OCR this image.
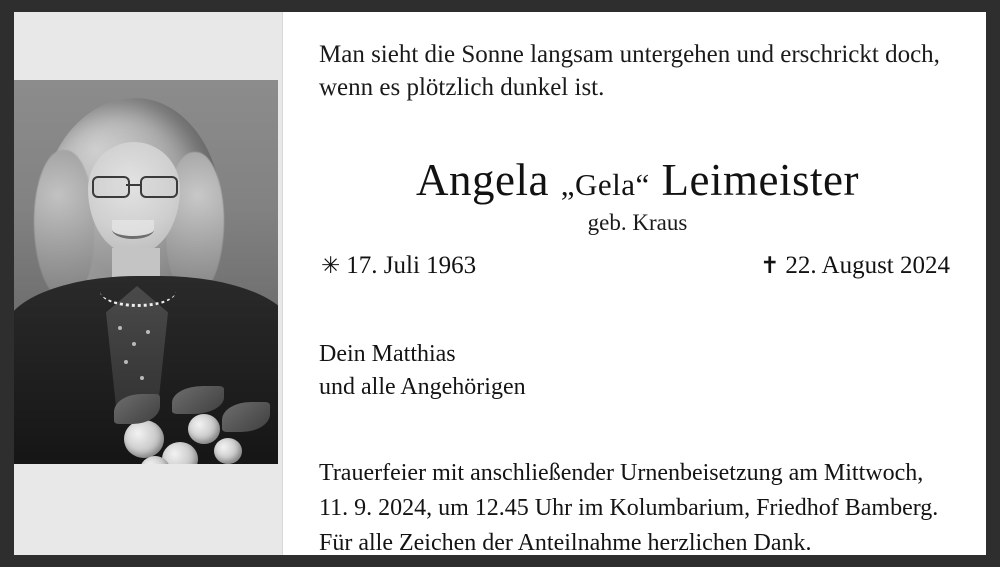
Man sieht die Sonne langsam untergehen und erschrickt doch,
wenn es plötzlich dunkel ist.
Angela „Gela“ Leimeister
geb. Kraus
✳ 17. Juli 1963	✝ 22. August 2024
Dein Matthias
und alle Angehörigen
Trauerfeier mit anschließender Urnenbeisetzung am Mittwoch,
11. 9. 2024, um 12.45 Uhr im Kolumbarium, Friedhof Bamberg.
Für alle Zeichen der Anteilnahme herzlichen Dank.
